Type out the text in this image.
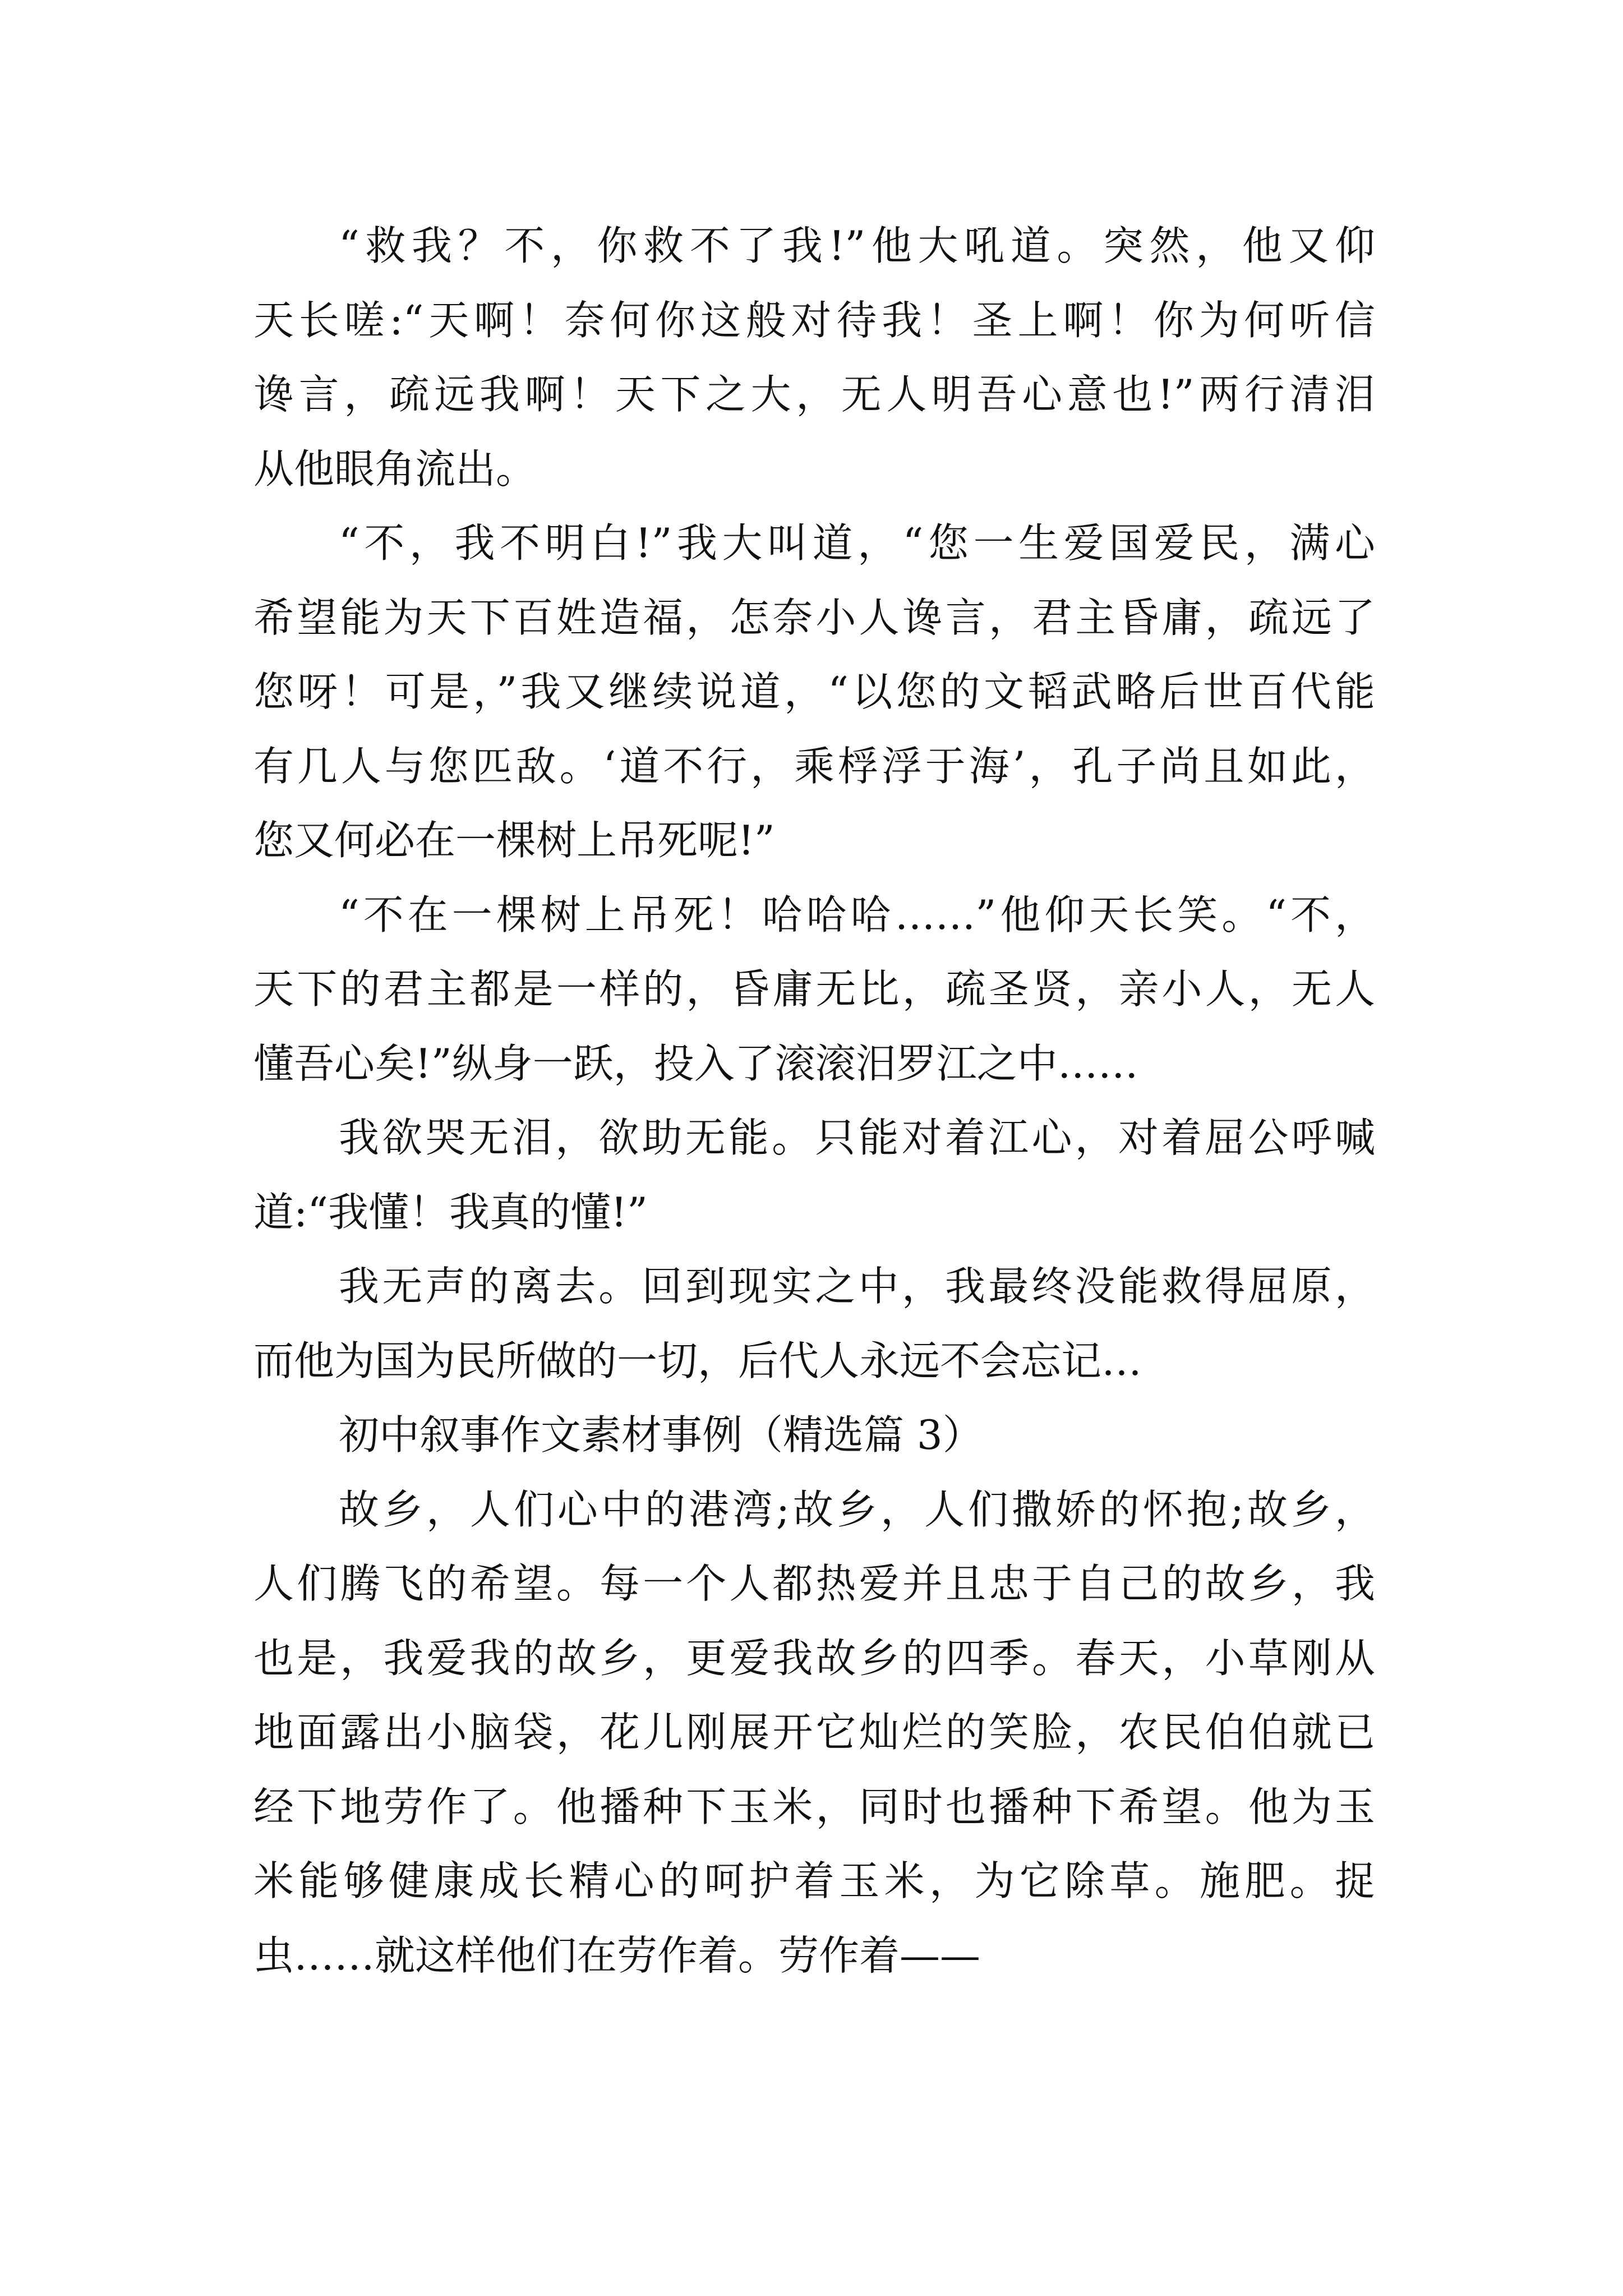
“救我？不，你救不了我!”他大吼道。突然，他又仰
天长嗟:“天啊！奈何你这般对待我！圣上啊！你为何听信
谗言，疏远我啊！天下之大，无人明吾心意也!”两行清泪
从他眼角流出。
“不，我不明白!”我大叫道，“您一生爱国爱民，满心
希望能为天下百姓造福，怎奈小人谗言，君主昏庸，疏远了
您呀！可是，”我又继续说道，“以您的文韬武略后世百代能
有几人与您匹敌。‘道不行，乘桴浮于海’，孔子尚且如此，
您又何必在一棵树上吊死呢!”
“不在一棵树上吊死！哈哈哈……”他仰天长笑。“不，
天下的君主都是一样的，昏庸无比，疏圣贤，亲小人，无人
懂吾心矣!”纵身一跃，投入了滚滚汨罗江之中……
我欲哭无泪，欲助无能。只能对着江心，对着屈公呼喊
道:“我懂！我真的懂!”
我无声的离去。回到现实之中，我最终没能救得屈原，
而他为国为民所做的一切，后代人永远不会忘记…
初中叙事作文素材事例（精选篇 3）
故乡，人们心中的港湾;故乡，人们撒娇的怀抱;故乡，
人们腾飞的希望。每一个人都热爱并且忠于自己的故乡，我
也是，我爱我的故乡，更爱我故乡的四季。春天，小草刚从
地面露出小脑袋，花儿刚展开它灿烂的笑脸，农民伯伯就已
经下地劳作了。他播种下玉米，同时也播种下希望。他为玉
米能够健康成长精心的呵护着玉米，为它除草。施肥。捉
虫……就这样他们在劳作着。劳作着——
